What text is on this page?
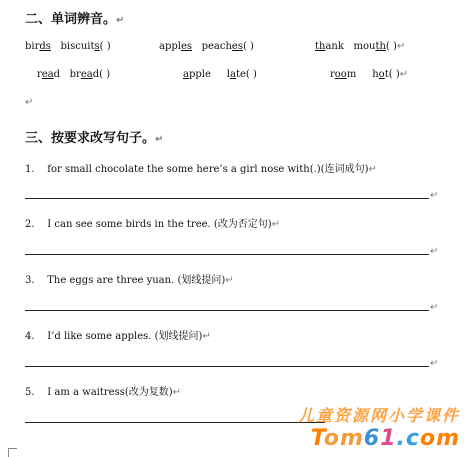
二、单词辨音。↵
birds biscuits( )	apples peaches( )	thank mouth( )↵
read bread( )	apple late( )	room hot( )↵
↵
三、按要求改写句子。↵
1. for small chocolate the some here’s a girl nose with(.)(连词成句)↵
↵
2. I can see some birds in the tree. (改为否定句)↵
↵
3. The eggs are three yuan. (划线提问)↵
↵
4. I’d like some apples. (划线提问)↵
↵
5. I am a waitress(改为复数)↵
儿童资源网小学课件
Tom61.com
